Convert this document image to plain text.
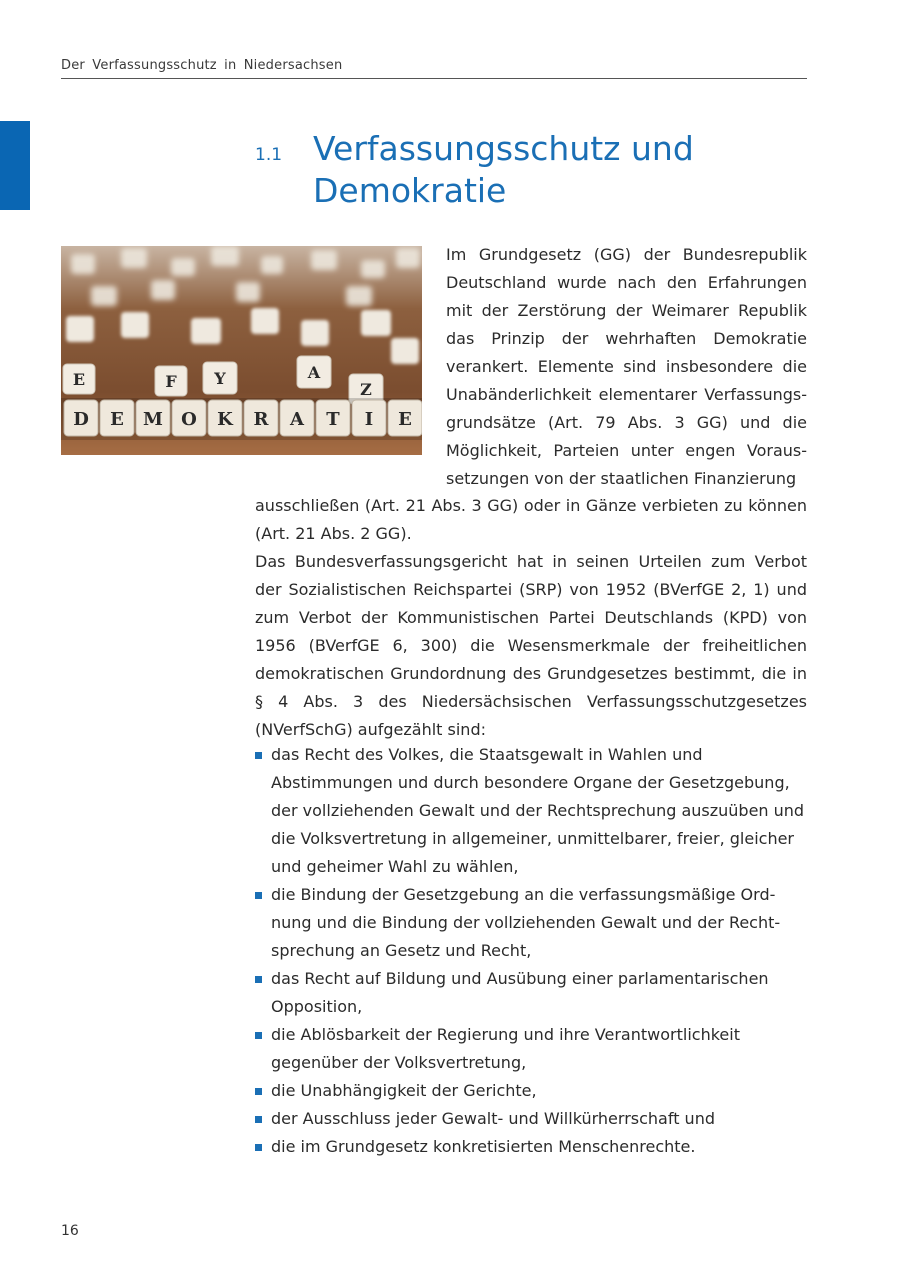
Der Verfassungsschutz in Niedersachsen
1.1 Verfassungsschutz und Demokratie
E	F Y	A
Z
D E M O K R A T I E
Im Grundgesetz (GG) der Bundesrepublik Deutschland wurde nach den Erfahrungen mit der Zerstörung der Weimarer Republik das Prinzip der wehrhaften Demokratie verankert. Elemente sind insbesondere die Unabänderlichkeit elementarer Verfassungs-grundsätze (Art. 79 Abs. 3 GG) und die Möglichkeit, Parteien unter engen Voraus-setzungen von der staatlichen Finanzierung

ausschließen (Art. 21 Abs. 3 GG) oder in Gänze verbieten zu können (Art. 21 Abs. 2 GG).

Das Bundesverfassungsgericht hat in seinen Urteilen zum Verbot der Sozialistischen Reichspartei (SRP) von 1952 (BVerfGE 2, 1) und zum Verbot der Kommunistischen Partei Deutschlands (KPD) von 1956 (BVerfGE 6, 300) die Wesensmerkmale der freiheitlichen demokratischen Grundordnung des Grundgesetzes bestimmt, die in § 4 Abs. 3 des Niedersächsischen Verfassungsschutzgesetzes (NVerfSchG) aufgezählt sind:

das Recht des Volkes, die Staatsgewalt in Wahlen und Abstimmungen und durch besondere Organe der Gesetzgebung, der vollziehenden Gewalt und der Rechtsprechung auszuüben und die Volksvertretung in allgemeiner, unmittelbarer, freier, gleicher und geheimer Wahl zu wählen,
die Bindung der Gesetzgebung an die verfassungsmäßige Ord-nung und die Bindung der vollziehenden Gewalt und der Recht-sprechung an Gesetz und Recht,
das Recht auf Bildung und Ausübung einer parlamentarischen Opposition,
die Ablösbarkeit der Regierung und ihre Verantwortlichkeit gegenüber der Volksvertretung,
die Unabhängigkeit der Gerichte,
der Ausschluss jeder Gewalt- und Willkürherrschaft und
die im Grundgesetz konkretisierten Menschenrechte.
16
